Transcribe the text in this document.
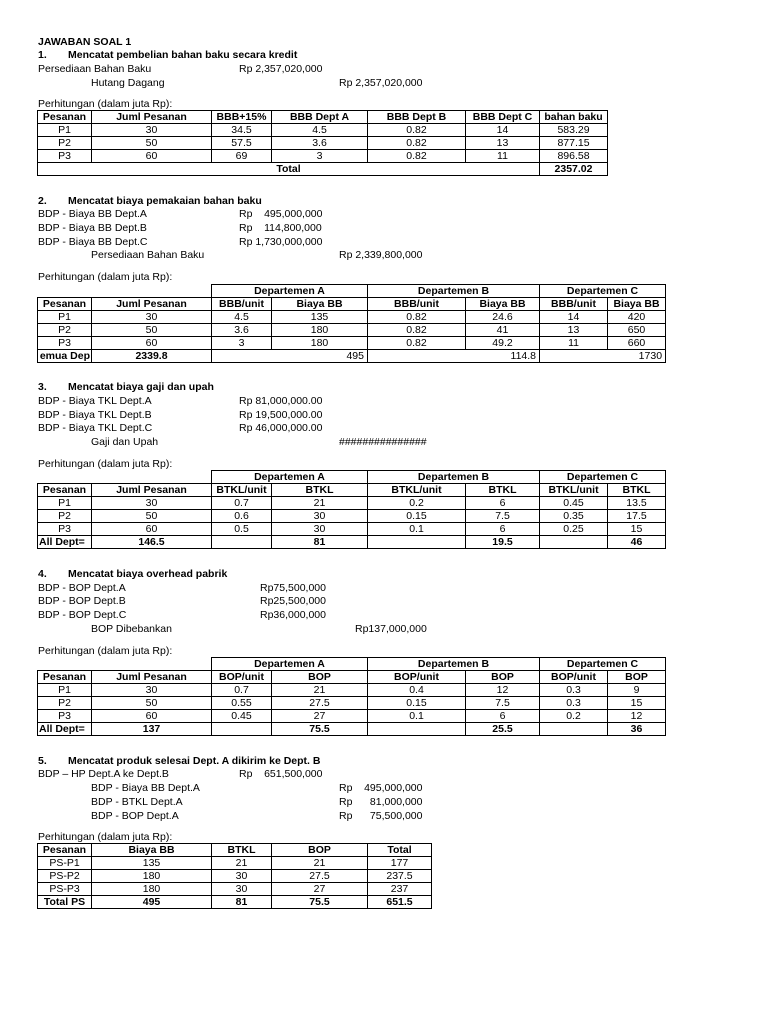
JAWABAN SOAL 1
1. Mencatat pembelian bahan baku secara kredit
Persediaan Bahan Baku	Rp 2,357,020,000
Hutang Dagang	Rp 2,357,020,000
Perhitungan (dalam juta Rp):
Pesanan	Juml Pesanan	BBB+15%	BBB Dept A	BBB Dept B	BBB Dept C	bahan baku
P1	30	34.5	4.5	0.82	14	583.29
P2	50	57.5	3.6	0.82	13	877.15
P3	60	69	3	0.82	11	896.58
Total						2357.02
2. Mencatat biaya pemakaian bahan baku
BDP - Biaya BB Dept.A	Rp    495,000,000
BDP - Biaya BB Dept.B	Rp    114,800,000
BDP - Biaya BB Dept.C	Rp 1,730,000,000
Persediaan Bahan Baku	Rp 2,339,800,000
Perhitungan (dalam juta Rp):
		Departemen A		Departemen B		Departemen C	
Pesanan	Juml Pesanan	BBB/unit	Biaya BB	BBB/unit	Biaya BB	BBB/unit	Biaya BB
P1	30	4.5	135	0.82	24.6	14	420
P2	50	3.6	180	0.82	41	13	650
P3	60	3	180	0.82	49.2	11	660
emua Dep	2339.8	495		114.8		1730	
3. Mencatat biaya gaji dan upah
BDP - Biaya TKL Dept.A	Rp 81,000,000.00
BDP - Biaya TKL Dept.B	Rp 19,500,000.00
BDP - Biaya TKL Dept.C	Rp 46,000,000.00
Gaji dan Upah	###############
Perhitungan (dalam juta Rp):
		Departemen A		Departemen B		Departemen C	
Pesanan	Juml Pesanan	BTKL/unit	BTKL	BTKL/unit	BTKL	BTKL/unit	BTKL
P1	30	0.7	21	0.2	6	0.45	13.5
P2	50	0.6	30	0.15	7.5	0.35	17.5
P3	60	0.5	30	0.1	6	0.25	15
All Dept=	146.5		81		19.5		46
4. Mencatat biaya overhead pabrik
BDP - BOP Dept.A	Rp75,500,000
BDP - BOP Dept.B	Rp25,500,000
BDP - BOP Dept.C	Rp36,000,000
BOP Dibebankan	Rp137,000,000
Perhitungan (dalam juta Rp):
		Departemen A		Departemen B		Departemen C	
Pesanan	Juml Pesanan	BOP/unit	BOP	BOP/unit	BOP	BOP/unit	BOP
P1	30	0.7	21	0.4	12	0.3	9
P2	50	0.55	27.5	0.15	7.5	0.3	15
P3	60	0.45	27	0.1	6	0.2	12
All Dept=	137		75.5		25.5		36
5. Mencatat produk selesai Dept. A dikirim ke Dept. B
BDP – HP Dept.A ke Dept.B	Rp    651,500,000
BDP - Biaya BB Dept.A	Rp    495,000,000
BDP - BTKL Dept.A	Rp      81,000,000
BDP - BOP Dept.A	Rp      75,500,000
Perhitungan (dalam juta Rp):
Pesanan	Biaya BB	BTKL	BOP	Total
PS-P1	135	21	21	177
PS-P2	180	30	27.5	237.5
PS-P3	180	30	27	237
Total PS	495	81	75.5	651.5
